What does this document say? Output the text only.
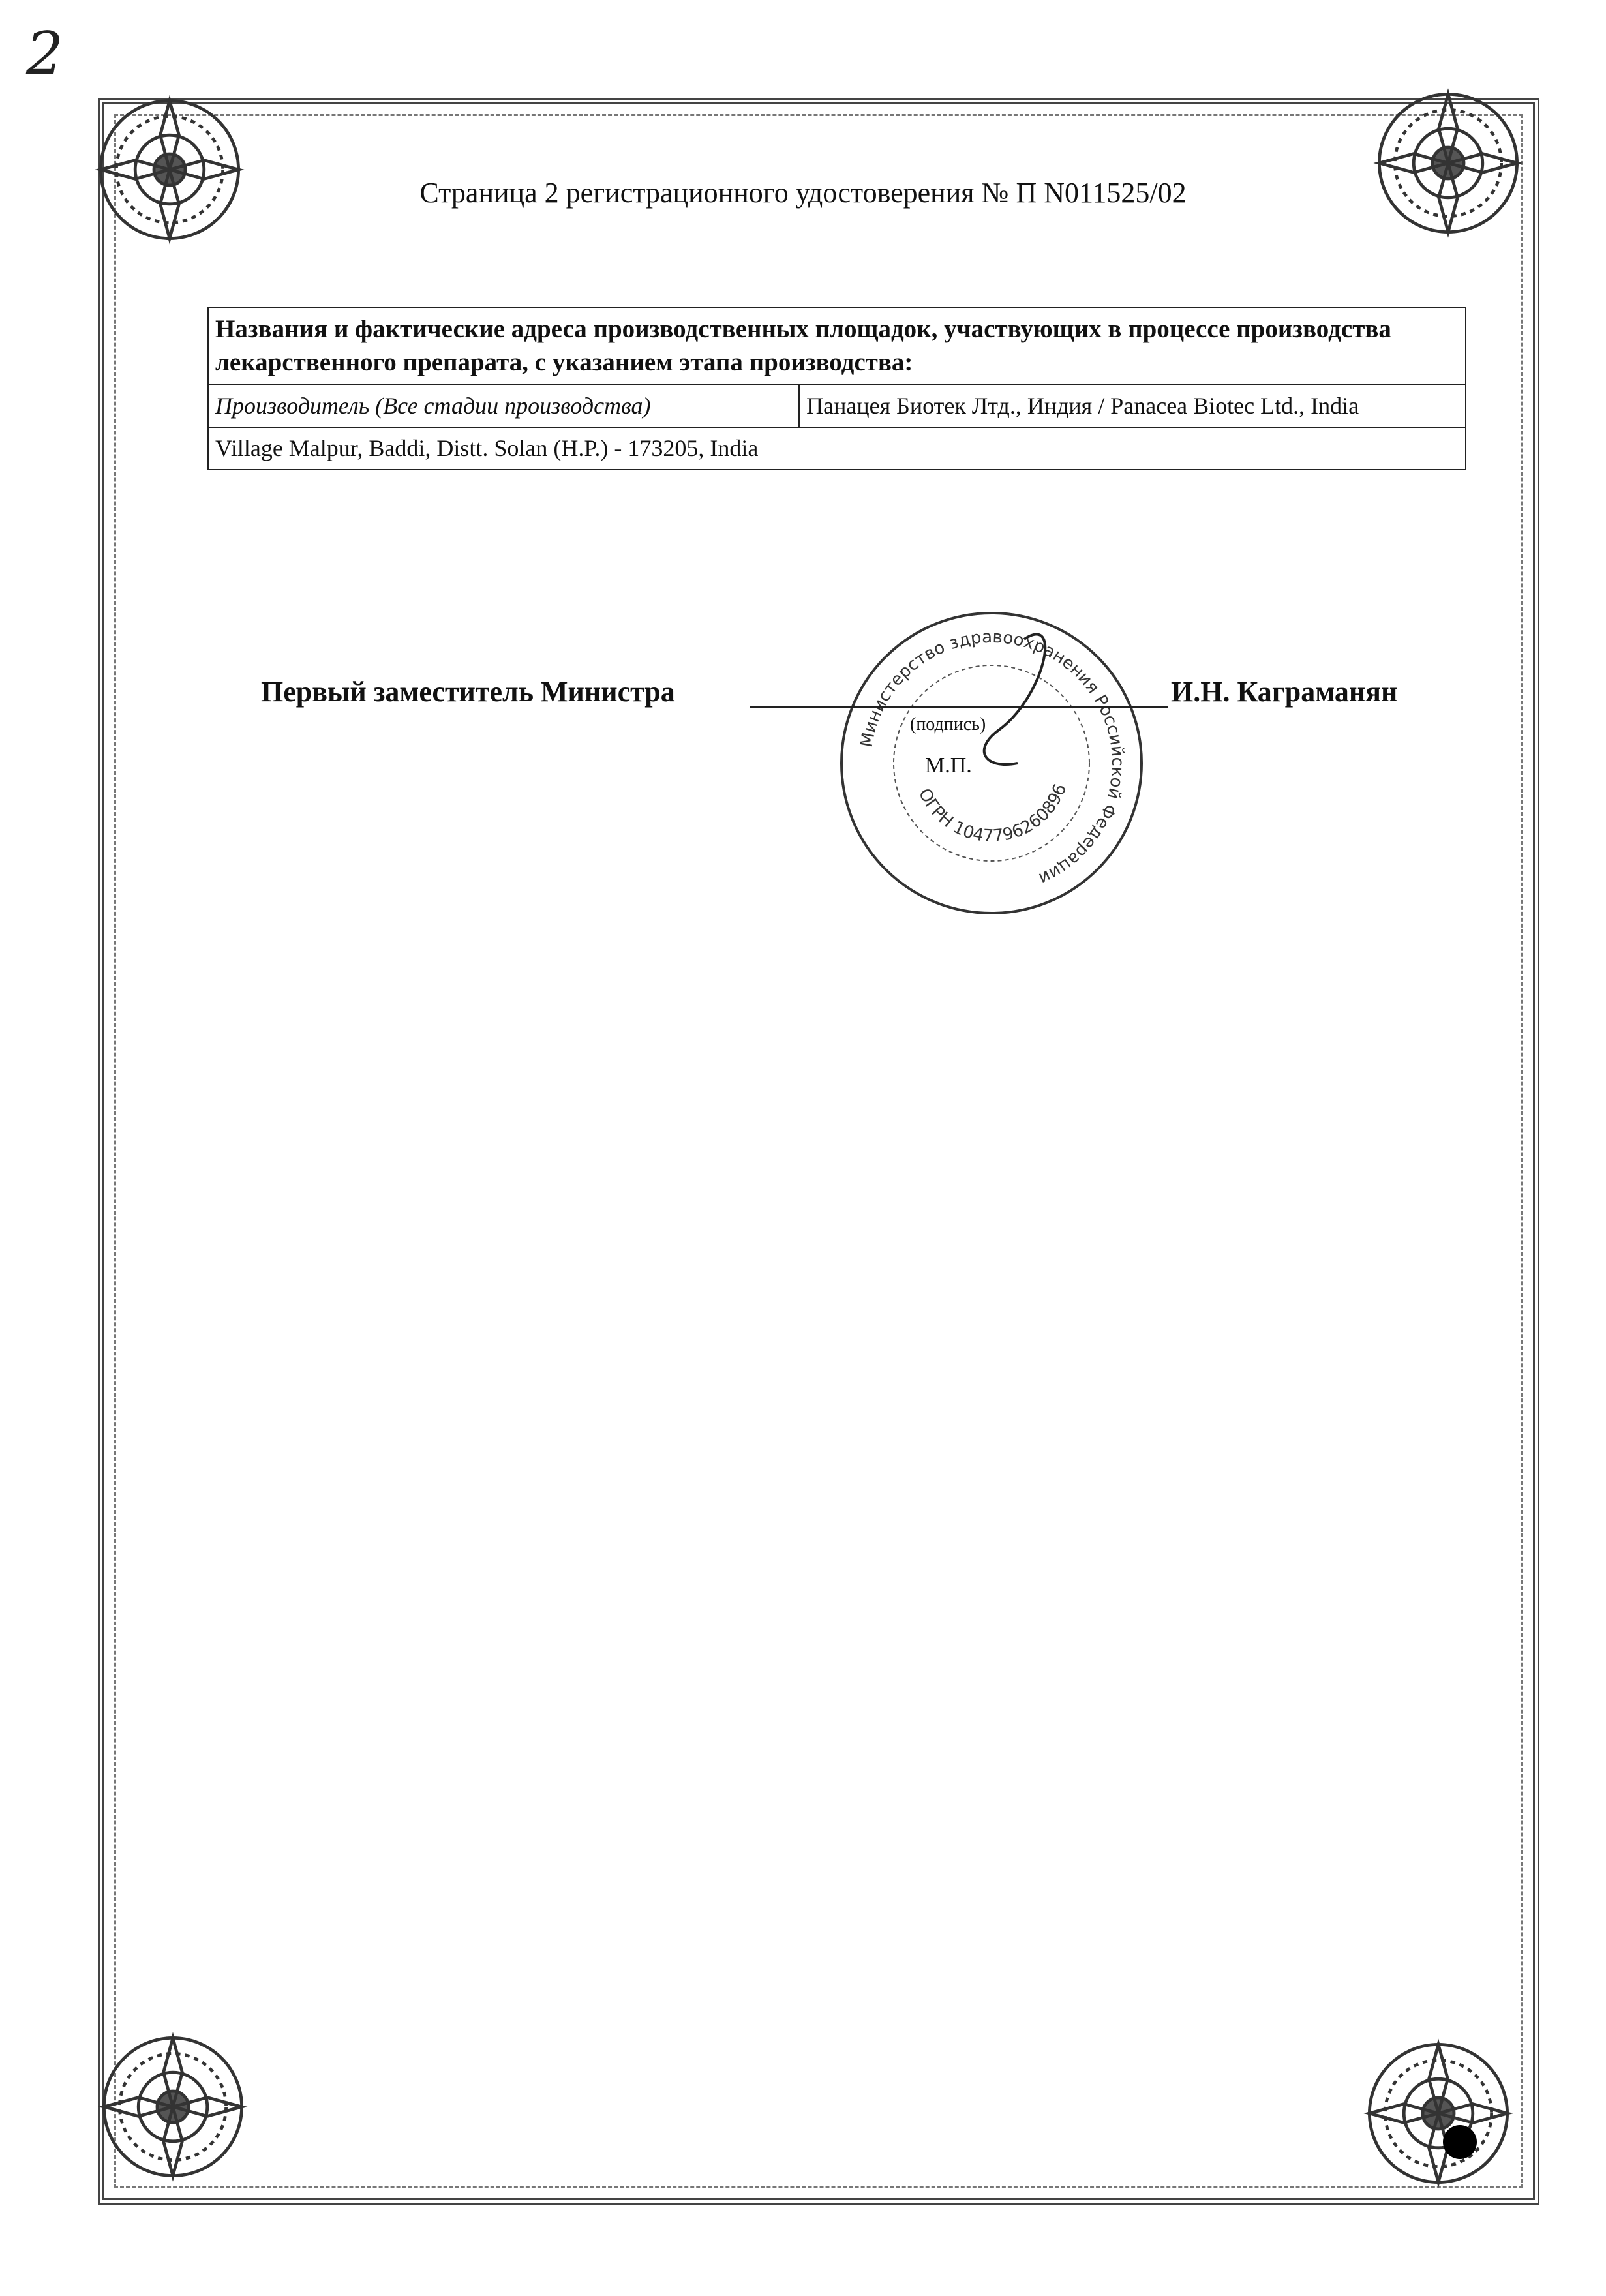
2
Страница 2 регистрационного удостоверения № П N011525/02
Названия и фактические адреса производственных площадок, участвующих в процессе производства лекарственного препарата, с указанием этапа производства:
Производитель (Все стадии производства)	Панацея Биотек Лтд., Индия / Panacea Biotec Ltd., India
Village Malpur, Baddi, Distt. Solan (H.P.) - 173205, India
Министерство здравоохранения Российской Федерации
ОГРН 1047796260896
Первый заместитель Министра
(подпись)
М.П.
И.Н. Каграманян
